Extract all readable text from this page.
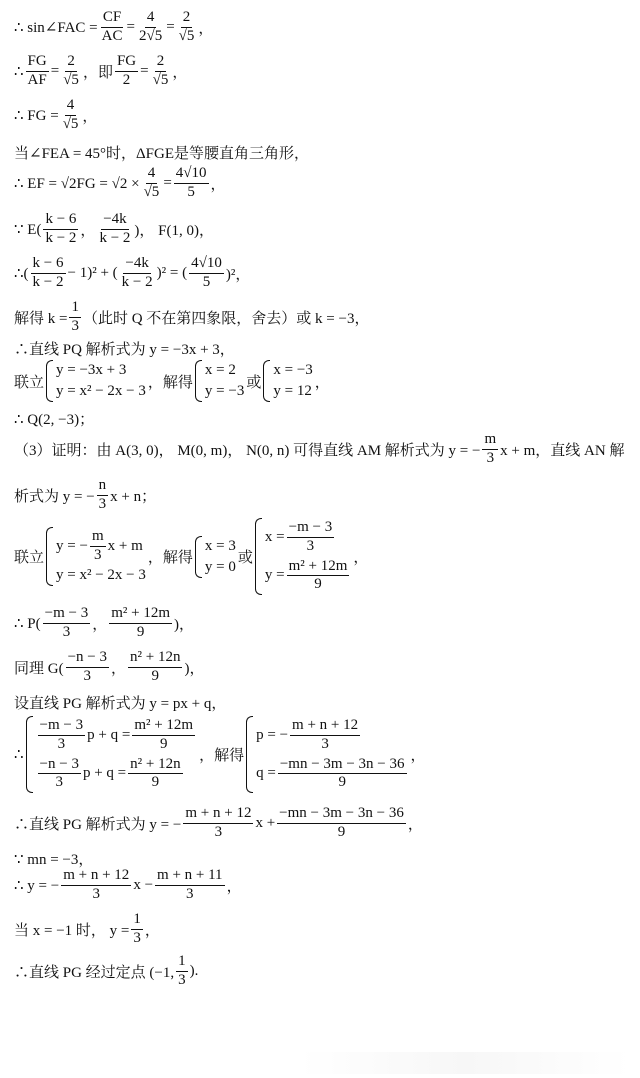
∴ sin∠FAC = $\frac{CF}{AC} = \frac{4}{2√5} = \frac{2}{√5}$ ，
∴ $\frac{FG}{AF} = \frac{2}{√5}$ ，即 $\frac{FG}{2} = \frac{2}{√5}$ ，
∴ FG = $\frac{4}{√5}$ ，
当∠FEA = 45°时，ΔFGE是等腰直角三角形，
∴ EF = $√2FG = √2 \times \frac{4}{√5} = \frac{4√10}{5}$ ，
∵ $E( \frac{k - 6}{k - 2}$ ， $\frac{-4k}{k - 2}$ )， F(1, 0)，
∴( $\frac{k - 6}{k - 2} - 1)^2$ + ( $\frac{-4k}{k - 2} )^2$ = ( $\frac{4√10}{5} )^2$，
解得 $k = \frac{1}{3}$ （此时 Q 不在第四象限，舍去）或 k = −3，
∴直线 PQ 解析式为 y = −3x + 3，
联立
y = −3x + 3
y = x² − 2x − 3
，解得
x = 2
y = −3
或
x = −3
y = 12
，
∴ Q(2, −3)；
（3）证明：由 A(3, 0)， M(0, m)， N(0, n) 可得直线 AM 解析式为 y = − $\frac{m}{3}$ x + m，直线 AN 解
析式为 y = − $\frac{n}{3}$ x + n；
联立
y = − $\frac{m}{3}$ x + m
y = x² − 2x − 3
，解得
x = 3
y = 0
或
$x = \frac{-m - 3}{3}$
$y = \frac{\text{m² + 12m}}{9}$
，
∴ $P( \frac{-m - 3}{3}$ ， $\frac{\text{m² + 12m}}{9}$ )，
同理 $G( \frac{-n - 3}{3}$ ， $\frac{\text{n² + 12n}}{9}$ )，
设直线 PG 解析式为 y = px + q，
∴
$\frac{-m - 3}{3}$ $p + q = \frac{\text{m² + 12m}}{9}$
$\frac{-n - 3}{3}$ $p + q = \frac{\text{n² + 12n}}{9}$
，解得
p = − $\frac{m + n + 12}{3}$
$q = \frac{-mn - 3m - 3n - 36}{9}$
，
∴直线 PG 解析式为 y = − $\frac{m + n + 12}{3}$ $x + \frac{-mn - 3m - 3n - 36}{9}$ ，
∵ mn = −3，
∴ y = − $\frac{m + n + 12}{3}$ $x - \frac{m + n + 11}{3}$ ，
当 x = −1 时， $y = \frac{1}{3}$ ，
∴直线 PG 经过定点 (−1, $\frac{1}{3}$ ).
